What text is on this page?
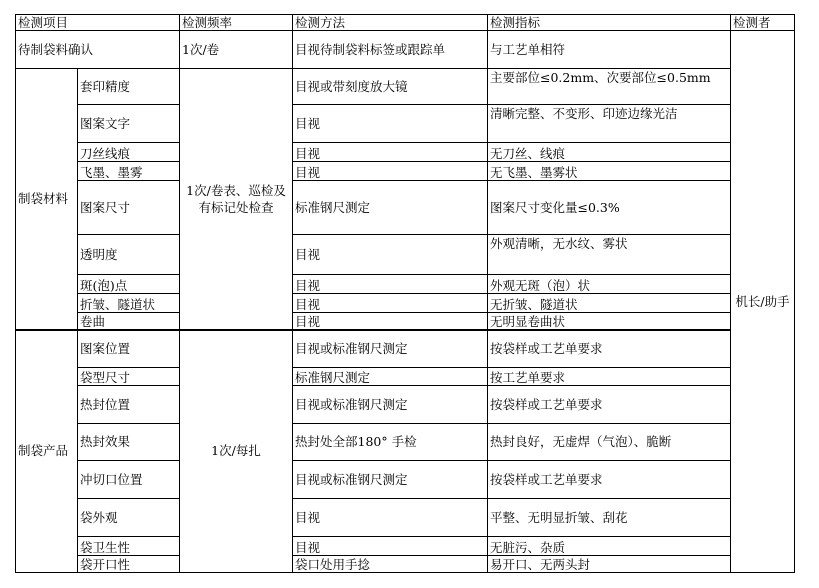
检测项目		检测频率	检测方法	检测指标	检测者
待制袋料确认		1次/卷	目视待制袋料标签或跟踪单	与工艺单相符	机长/助手
制袋材料	套印精度	1次/卷表、巡检及有标记处检查	目视或带刻度放大镜	主要部位≤0.2mm、次要部位≤0.5mm	
	图案文字		目视	清晰完整、不变形、印迹边缘光洁	
	刀丝线痕		目视	无刀丝、线痕	
	飞墨、墨雾		目视	无飞墨、墨雾状	
	图案尺寸		标准钢尺测定	图案尺寸变化量≤0.3%	
	透明度		目视	外观清晰，无水纹、雾状	
	斑(泡)点		目视	外观无斑（泡）状	
	折皱、隧道状		目视	无折皱、隧道状	
	卷曲		目视	无明显卷曲状	
制袋产品	图案位置	1次/每扎	目视或标准钢尺测定	按袋样或工艺单要求	
	袋型尺寸		标准钢尺测定	按工艺单要求	
	热封位置		目视或标准钢尺测定	按袋样或工艺单要求	
	热封效果		热封处全部180° 手检	热封良好，无虚焊（气泡）、脆断	
	冲切口位置		目视或标准钢尺测定	按袋样或工艺单要求	
	袋外观		目视	平整、无明显折皱、刮花	
	袋卫生性		目视	无脏污、杂质	
	袋开口性		袋口处用手捻	易开口、无两头封	
